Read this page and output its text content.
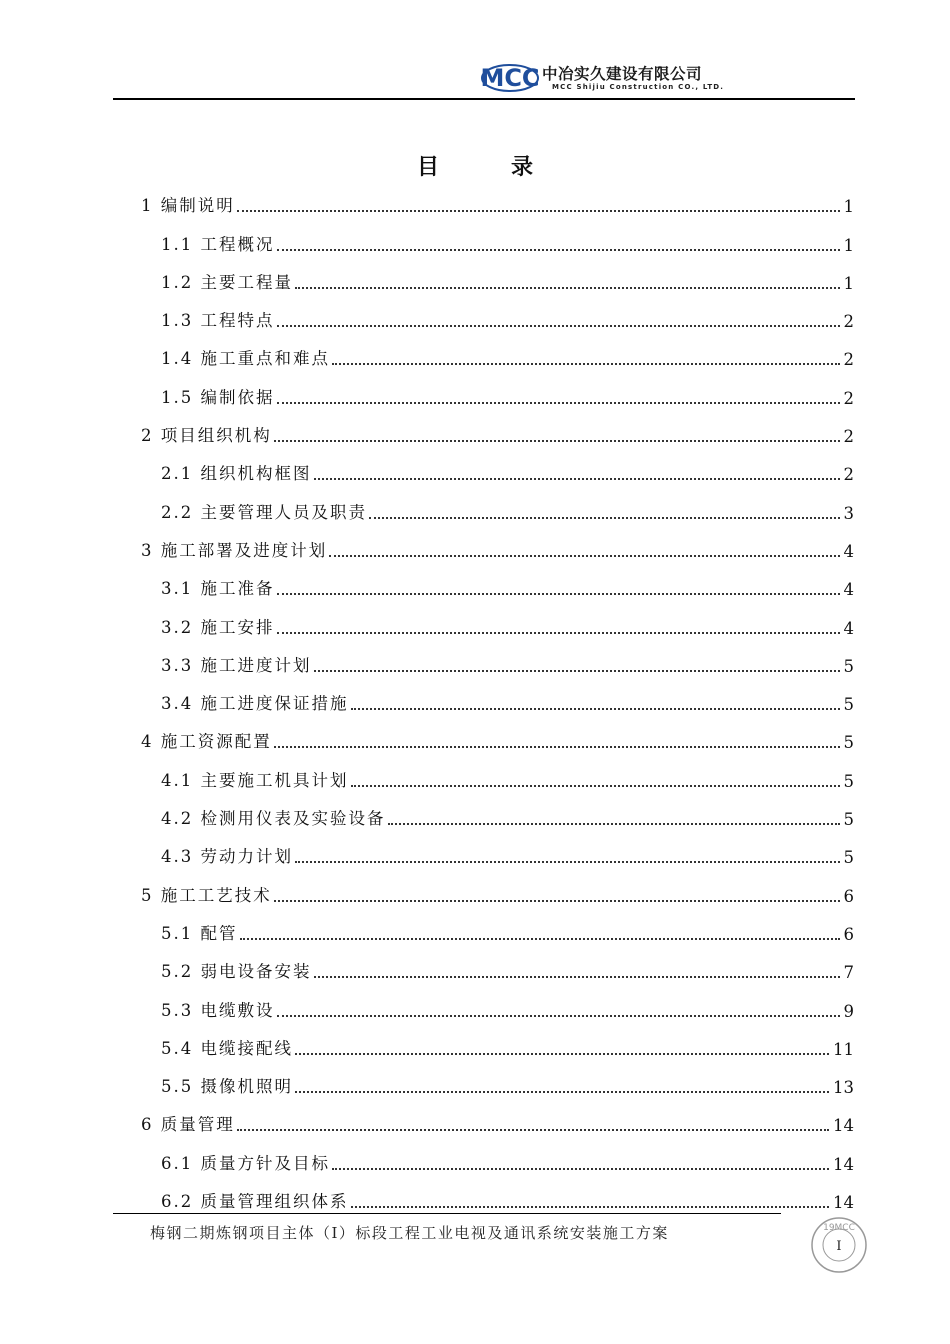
MCC 中冶实久建设有限公司
MCC Shijiu Construction CO., LTD.
目录
1 编制说明	1
1.1 工程概况	1
1.2 主要工程量	1
1.3 工程特点	2
1.4 施工重点和难点	2
1.5 编制依据	2
2 项目组织机构	2
2.1 组织机构框图	2
2.2 主要管理人员及职责	3
3 施工部署及进度计划	4
3.1 施工准备	4
3.2 施工安排	4
3.3 施工进度计划	5
3.4 施工进度保证措施	5
4 施工资源配置	5
4.1 主要施工机具计划	5
4.2 检测用仪表及实验设备	5
4.3 劳动力计划	5
5 施工工艺技术	6
5.1 配管	6
5.2 弱电设备安装	7
5.3 电缆敷设	9
5.4 电缆接配线	11
5.5 摄像机照明	13
6 质量管理	14
6.1 质量方针及目标	14
6.2 质量管理组织体系	14
梅钢二期炼钢项目主体（I）标段工程工业电视及通讯系统安装施工方案	19MCC
I
